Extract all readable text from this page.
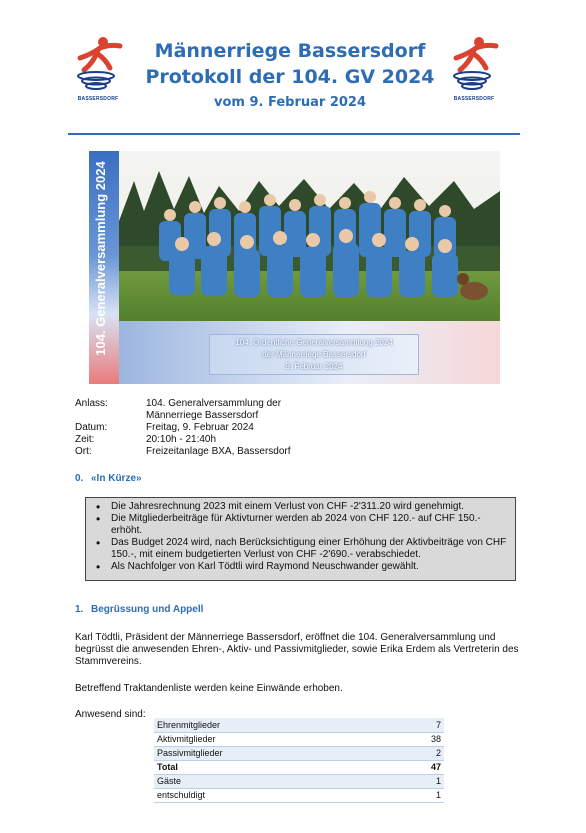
BASSERSDORF
Männerriege Bassersdorf
Protokoll der 104. GV 2024
vom 9. Februar 2024	BASSERSDORF
104. Generalversammlung 2024	104. Ordentliche Generalversammlung 2024
der Männerriege Bassersdorf
9. Februar 2024
Anlass:	104. Generalversammlung der
Männerriege Bassersdorf
Datum:	Freitag, 9. Februar 2024
Zeit:	20:10h - 21:40h
Ort:	Freizeitanlage BXA, Bassersdorf
0. «In Kürze»
• Die Jahresrechnung 2023 mit einem Verlust von CHF -2'311.20 wird genehmigt.
• Die Mitgliederbeiträge für Aktivturner werden ab 2024 von CHF 120.- auf CHF 150.- erhöht.
• Das Budget 2024 wird, nach Berücksichtigung einer Erhöhung der Aktivbeiträge von CHF 150.-, mit einem budgetierten Verlust von CHF -2'690.- verabschiedet.
• Als Nachfolger von Karl Tödtli wird Raymond Neuschwander gewählt.
1. Begrüssung und Appell
Karl Tödtli, Präsident der Männerriege Bassersdorf, eröffnet die 104. Generalversammlung und begrüsst die anwesenden Ehren-, Aktiv- und Passivmitglieder, sowie Erika Erdem als Vertreterin des Stammvereins.
Betreffend Traktandenliste werden keine Einwände erhoben.
Anwesend sind:
Ehrenmitglieder	7
Aktivmitglieder	38
Passivmitglieder	2
Total	47
Gäste	1
entschuldigt	1
